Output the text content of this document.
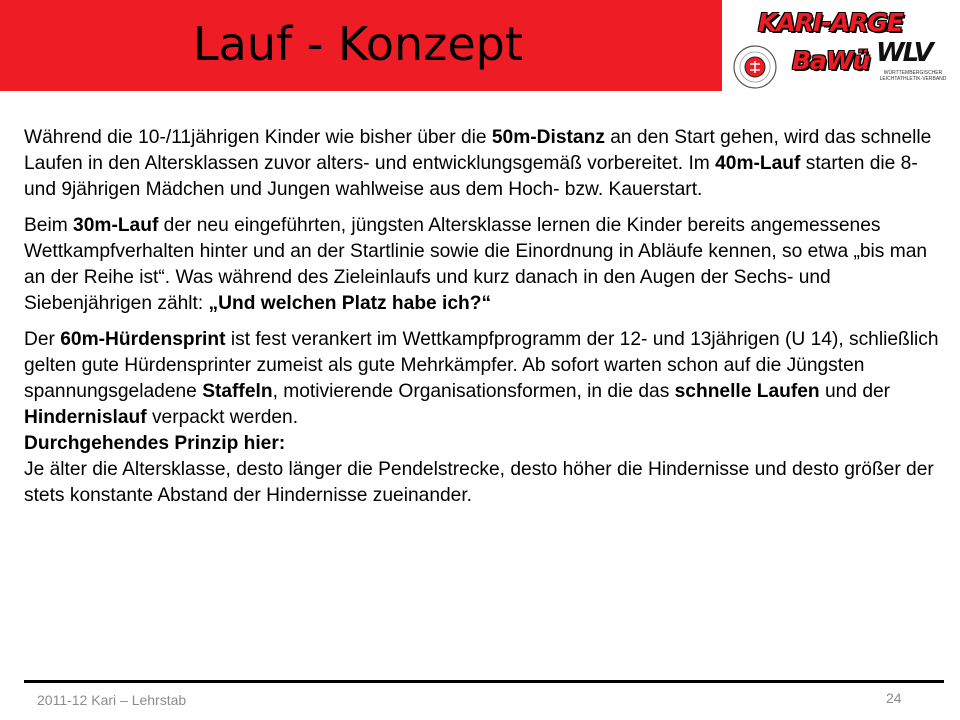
Lauf - Konzept	KARI-ARGE
BaWü WLV
WÜRTTEMBERGISCHER LEICHTATHLETIK-VERBAND

Während die 10-/11jährigen Kinder wie bisher über die 50m-Distanz an den Start gehen, wird das schnelle Laufen in den Altersklassen zuvor alters- und entwicklungsgemäß vorbereitet. Im 40m-Lauf starten die 8- und 9jährigen Mädchen und Jungen wahlweise aus dem Hoch- bzw. Kauerstart.

Beim 30m-Lauf der neu eingeführten, jüngsten Altersklasse lernen die Kinder bereits angemessenes Wettkampfverhalten hinter und an der Startlinie sowie die Einordnung in Abläufe kennen, so etwa „bis man an der Reihe ist“. Was während des Zieleinlaufs und kurz danach in den Augen der Sechs- und Siebenjährigen zählt: „Und welchen Platz habe ich?“

Der 60m-Hürdensprint ist fest verankert im Wettkampfprogramm der 12- und 13jährigen (U 14), schließlich gelten gute Hürdensprinter zumeist als gute Mehrkämpfer. Ab sofort warten schon auf die Jüngsten spannungsgeladene Staffeln, motivierende Organisationsformen, in die das schnelle Laufen und der Hindernislauf verpackt werden.

Durchgehendes Prinzip hier:

Je älter die Altersklasse, desto länger die Pendelstrecke, desto höher die Hindernisse und desto größer der stets konstante Abstand der Hindernisse zueinander.

2011-12 Kari – Lehrstab	24
